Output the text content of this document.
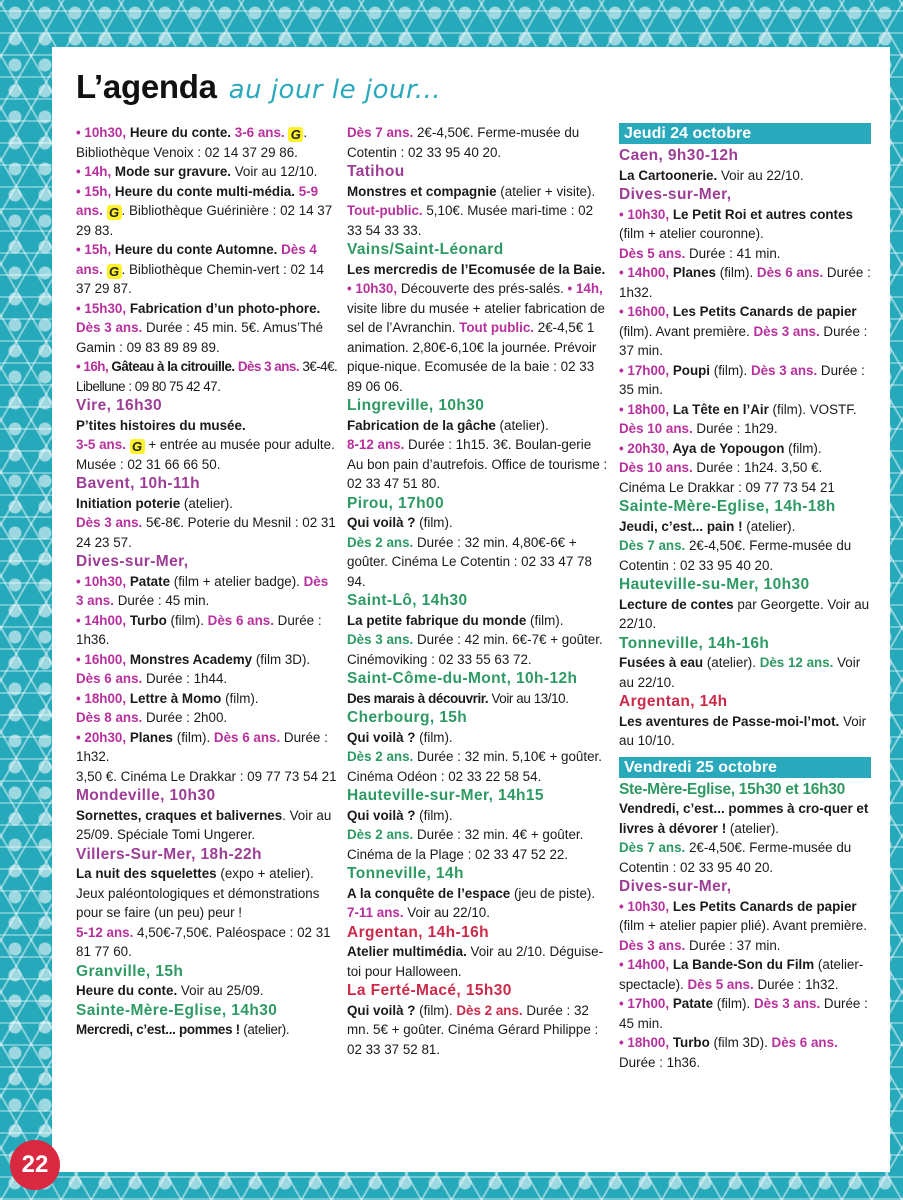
L’agenda au jour le jour...

• 10h30, Heure du conte. 3-6 ans. G . Bibliothèque Venoix : 02 14 37 29 86.

• 14h, Mode sur gravure. Voir au 12/10.

• 15h, Heure du conte multi-média. 5-9 ans. G . Bibliothèque Guérinière : 02 14 37 29 83.

• 15h, Heure du conte Automne. Dès 4 ans. G . Bibliothèque Chemin-vert : 02 14 37 29 87.

• 15h30, Fabrication d’un photo-phore. Dès 3 ans. Durée : 45 min. 5€. Amus’Thé Gamin : 09 83 89 89 89.

• 16h, Gâteau à la citrouille. Dès 3 ans. 3€-4€. Libellune : 09 80 75 42 47.

Vire, 16h30

P’tites histoires du musée.
3-5 ans. G + entrée au musée pour adulte. Musée : 02 31 66 66 50.

Bavent, 10h-11h

Initiation poterie (atelier).
Dès 3 ans. 5€-8€. Poterie du Mesnil : 02 31 24 23 57.

Dives-sur-Mer,

• 10h30, Patate (film + atelier badge). Dès 3 ans. Durée : 45 min.

• 14h00, Turbo (film). Dès 6 ans. Durée : 1h36.

• 16h00, Monstres Academy (film 3D). Dès 6 ans. Durée : 1h44.

• 18h00, Lettre à Momo (film).
Dès 8 ans. Durée : 2h00.

• 20h30, Planes (film). Dès 6 ans. Durée : 1h32.

3,50 €. Cinéma Le Drakkar : 09 77 73 54 21

Mondeville, 10h30

Sornettes, craques et balivernes. Voir au 25/09. Spéciale Tomi Ungerer.

Villers-Sur-Mer, 18h-22h

La nuit des squelettes (expo + atelier). Jeux paléontologiques et démonstrations pour se faire (un peu) peur !
5-12 ans. 4,50€-7,50€. Paléospace : 02 31 81 77 60.

Granville, 15h

Heure du conte. Voir au 25/09.

Sainte-Mère-Eglise, 14h30

Mercredi, c’est... pommes ! (atelier).

Dès 7 ans. 2€-4,50€. Ferme-musée du Cotentin : 02 33 95 40 20.

Tatihou

Monstres et compagnie (atelier + visite).
Tout-public. 5,10€. Musée mari-time : 02 33 54 33 33.

Vains/Saint-Léonard

Les mercredis de l’Ecomusée de la Baie. • 10h30, Découverte des prés-salés. • 14h, visite libre du musée + atelier fabrication de sel de l’Avranchin. Tout public. 2€-4,5€ 1 animation. 2,80€-6,10€ la journée. Prévoir pique-nique. Ecomusée de la baie : 02 33 89 06 06.

Lingreville, 10h30

Fabrication de la gâche (atelier).
8-12 ans. Durée : 1h15. 3€. Boulan-gerie Au bon pain d’autrefois. Office de tourisme : 02 33 47 51 80.

Pirou, 17h00

Qui voilà ? (film).
Dès 2 ans. Durée : 32 min. 4,80€-6€ + goûter. Cinéma Le Cotentin : 02 33 47 78 94.

Saint-Lô, 14h30

La petite fabrique du monde (film).
Dès 3 ans. Durée : 42 min. 6€-7€ + goûter. Cinémoviking : 02 33 55 63 72.

Saint-Côme-du-Mont, 10h-12h

Des marais à découvrir. Voir au 13/10.

Cherbourg, 15h

Qui voilà ? (film).
Dès 2 ans. Durée : 32 min. 5,10€ + goûter. Cinéma Odéon : 02 33 22 58 54.

Hauteville-sur-Mer, 14h15

Qui voilà ? (film).
Dès 2 ans. Durée : 32 min. 4€ + goûter. Cinéma de la Plage : 02 33 47 52 22.

Tonneville, 14h

A la conquête de l’espace (jeu de piste). 7-11 ans. Voir au 22/10.

Argentan, 14h-16h

Atelier multimédia. Voir au 2/10. Déguise-toi pour Halloween.

La Ferté-Macé, 15h30

Qui voilà ? (film). Dès 2 ans. Durée : 32 mn. 5€ + goûter. Cinéma Gérard Philippe : 02 33 37 52 81.

Jeudi 24 octobre

Caen, 9h30-12h

La Cartoonerie. Voir au 22/10.

Dives-sur-Mer,

• 10h30, Le Petit Roi et autres contes (film + atelier couronne).
Dès 5 ans. Durée : 41 min.

• 14h00, Planes (film). Dès 6 ans. Durée : 1h32.

• 16h00, Les Petits Canards de papier (film). Avant première. Dès 3 ans. Durée : 37 min.

• 17h00, Poupi (film). Dès 3 ans. Durée : 35 min.

• 18h00, La Tête en l’Air (film). VOSTF. Dès 10 ans. Durée : 1h29.

• 20h30, Aya de Yopougon (film).
Dès 10 ans. Durée : 1h24. 3,50 €. Cinéma Le Drakkar : 09 77 73 54 21

Sainte-Mère-Eglise, 14h-18h

Jeudi, c’est... pain ! (atelier).
Dès 7 ans. 2€-4,50€. Ferme-musée du Cotentin : 02 33 95 40 20.

Hauteville-su-Mer, 10h30

Lecture de contes par Georgette. Voir au 22/10.

Tonneville, 14h-16h

Fusées à eau (atelier). Dès 12 ans. Voir au 22/10.

Argentan, 14h

Les aventures de Passe-moi-l’mot. Voir au 10/10.

Vendredi 25 octobre

Ste-Mère-Eglise, 15h30 et 16h30

Vendredi, c’est... pommes à cro-quer et livres à dévorer ! (atelier).
Dès 7 ans. 2€-4,50€. Ferme-musée du Cotentin : 02 33 95 40 20.

Dives-sur-Mer,

• 10h30, Les Petits Canards de papier (film + atelier papier plié). Avant première. Dès 3 ans. Durée : 37 min.

• 14h00, La Bande-Son du Film (atelier-spectacle). Dès 5 ans. Durée : 1h32.

• 17h00, Patate (film). Dès 3 ans. Durée : 45 min.

• 18h00, Turbo (film 3D). Dès 6 ans. Durée : 1h36.

22
